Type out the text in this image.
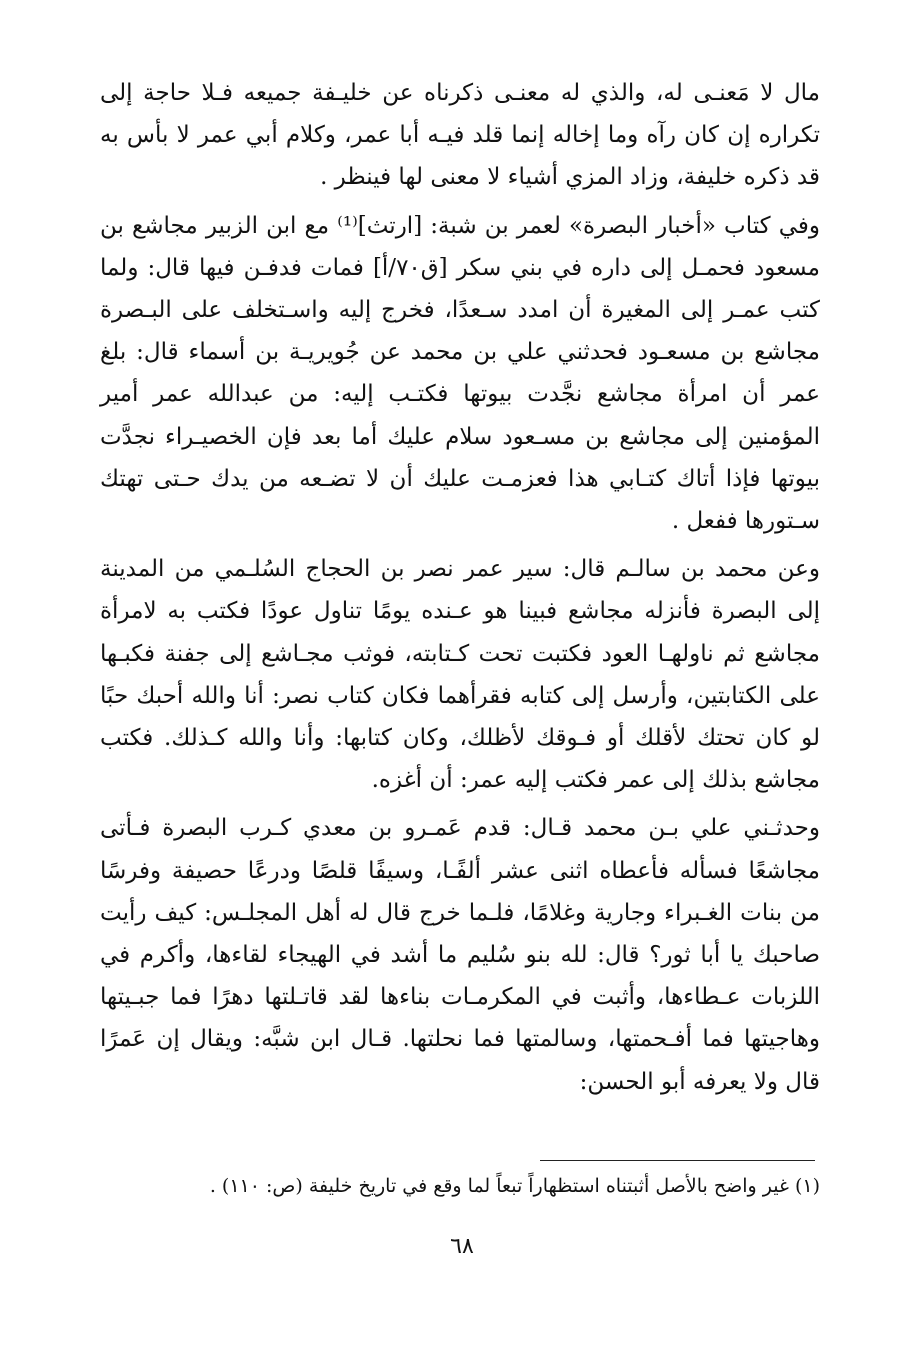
مال لا مَعنـى له، والذي له معنـى ذكرناه عن خليـفة جميعه فـلا حاجة إلى تكراره إن كان رآه وما إخاله إنما قلد فيـه أبا عمر، وكلام أبي عمر لا بأس به قد ذكره خليفة، وزاد المزي أشياء لا معنى لها فينظر .

وفي كتاب «أخبار البصرة» لعمر بن شبة: [ارتث]⁽¹⁾ مع ابن الزبير مجاشع بن مسعود فحمـل إلى داره في بني سكر [ق٧٠/أ] فمات فدفـن فيها قال: ولما كتب عمـر إلى المغيرة أن امدد سـعدًا، فخرج إليه واسـتخلف على البـصرة مجاشع بن مسعـود فحدثني علي بن محمد عن جُويريـة بن أسماء قال: بلغ عمر أن امرأة مجاشع نجَّدت بيوتها فكتـب إليه: من عبدالله عمر أمير المؤمنين إلى مجاشع بن مسـعود سلام عليك أما بعد فإن الخصيـراء نجدَّت بيوتها فإذا أتاك كتـابي هذا فعزمـت عليك أن لا تضـعه من يدك حـتى تهتك سـتورها ففعل .

وعن محمد بن سالـم قال: سير عمر نصر بن الحجاج السُلـمي من المدينة إلى البصرة فأنزله مجاشع فبينا هو عـنده يومًا تناول عودًا فكتب به لامرأة مجاشع ثم ناولهـا العود فكتبت تحت كـتابته، فوثب مجـاشع إلى جفنة فكبـها على الكتابتين، وأرسل إلى كتابه فقرأهما فكان كتاب نصر: أنا والله أحبك حبًا لو كان تحتك لأقلك أو فـوقك لأظلك، وكان كتابها: وأنا والله كـذلك. فكتب مجاشع بذلك إلى عمر فكتب إليه عمر: أن أغزه.

وحدثـني علي بـن محمد قـال: قدم عَمـرو بن معدي كـرب البصرة فـأتى مجاشعًا فسأله فأعطاه اثنى عشر ألفًـا، وسيفًا قلصًا ودرعًا حصيفة وفرسًا من بنات الغـبراء وجارية وغلامًا، فلـما خرج قال له أهل المجلـس: كيف رأيت صاحبك يا أبا ثور؟ قال: لله بنو سُليم ما أشد في الهيجاء لقاءها، وأكرم في اللزبات عـطاءها، وأثبت في المكرمـات بناءها لقد قاتـلتها دهرًا فما جبـيتها وهاجيتها فما أفـحمتها، وسالمتها فما نحلتها. قـال ابن شبَّه: ويقال إن عَمرًا قال ولا يعرفه أبو الحسن:

(١) غير واضح بالأصل أثبتناه استظهاراً تبعاً لما وقع في تاريخ خليفة (ص: ١١٠) .
٦٨
